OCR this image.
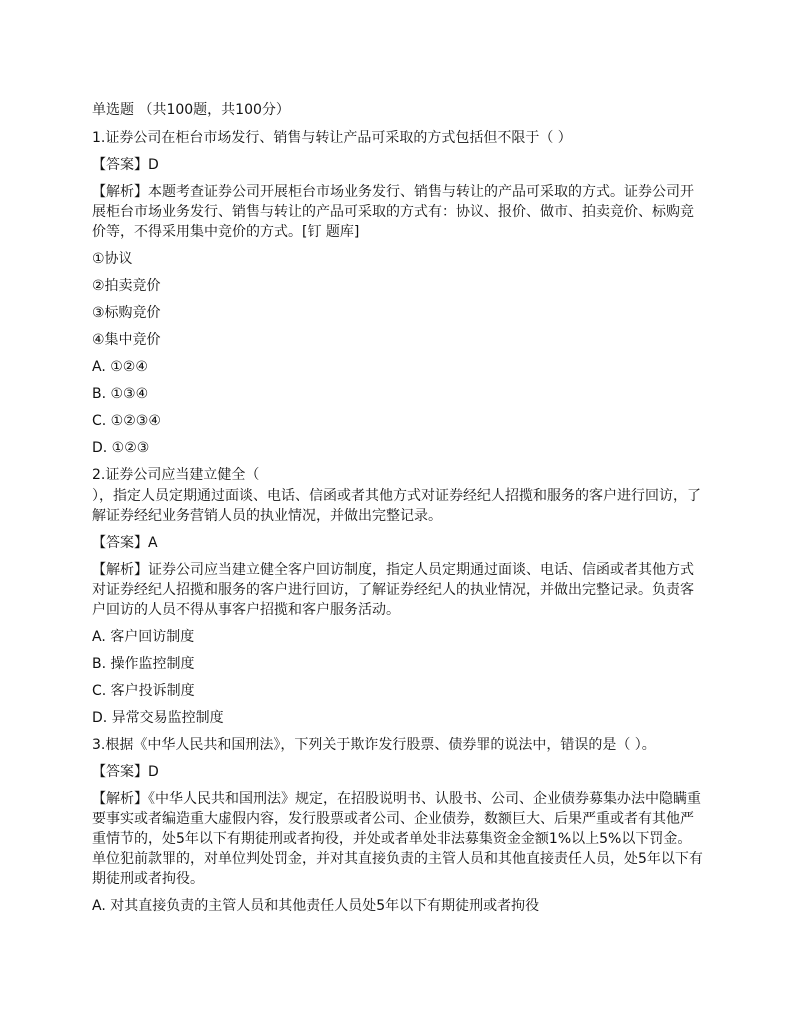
单选题 （共100题，共100分）
1.证券公司在柜台市场发行、销售与转让产品可采取的方式包括但不限于（ ）
【答案】D
【解析】本题考查证券公司开展柜台市场业务发行、销售与转让的产品可采取的方式。证券公司开展柜台市场业务发行、销售与转让的产品可采取的方式有：协议、报价、做市、拍卖竞价、标购竞价等，不得采用集中竞价的方式。[钉 题库]
①协议
②拍卖竞价
③标购竞价
④集中竞价
A. ①②④
B. ①③④
C. ①②③④
D. ①②③
2.证券公司应当建立健全（
），指定人员定期通过面谈、电话、信函或者其他方式对证券经纪人招揽和服务的客户进行回访，了解证券经纪业务营销人员的执业情况，并做出完整记录。
【答案】A
【解析】证券公司应当建立健全客户回访制度，指定人员定期通过面谈、电话、信函或者其他方式对证券经纪人招揽和服务的客户进行回访，了解证券经纪人的执业情况，并做出完整记录。负责客户回访的人员不得从事客户招揽和客户服务活动。
A. 客户回访制度
B. 操作监控制度
C. 客户投诉制度
D. 异常交易监控制度
3.根据《中华人民共和国刑法》，下列关于欺诈发行股票、债券罪的说法中，错误的是（ ）。
【答案】D
【解析】《中华人民共和国刑法》规定，在招股说明书、认股书、公司、企业债券募集办法中隐瞒重要事实或者编造重大虚假内容，发行股票或者公司、企业债券，数额巨大、后果严重或者有其他严重情节的，处5年以下有期徒刑或者拘役，并处或者单处非法募集资金金额1%以上5%以下罚金。单位犯前款罪的，对单位判处罚金，并对其直接负责的主管人员和其他直接责任人员，处5年以下有期徒刑或者拘役。
A. 对其直接负责的主管人员和其他责任人员处5年以下有期徒刑或者拘役
